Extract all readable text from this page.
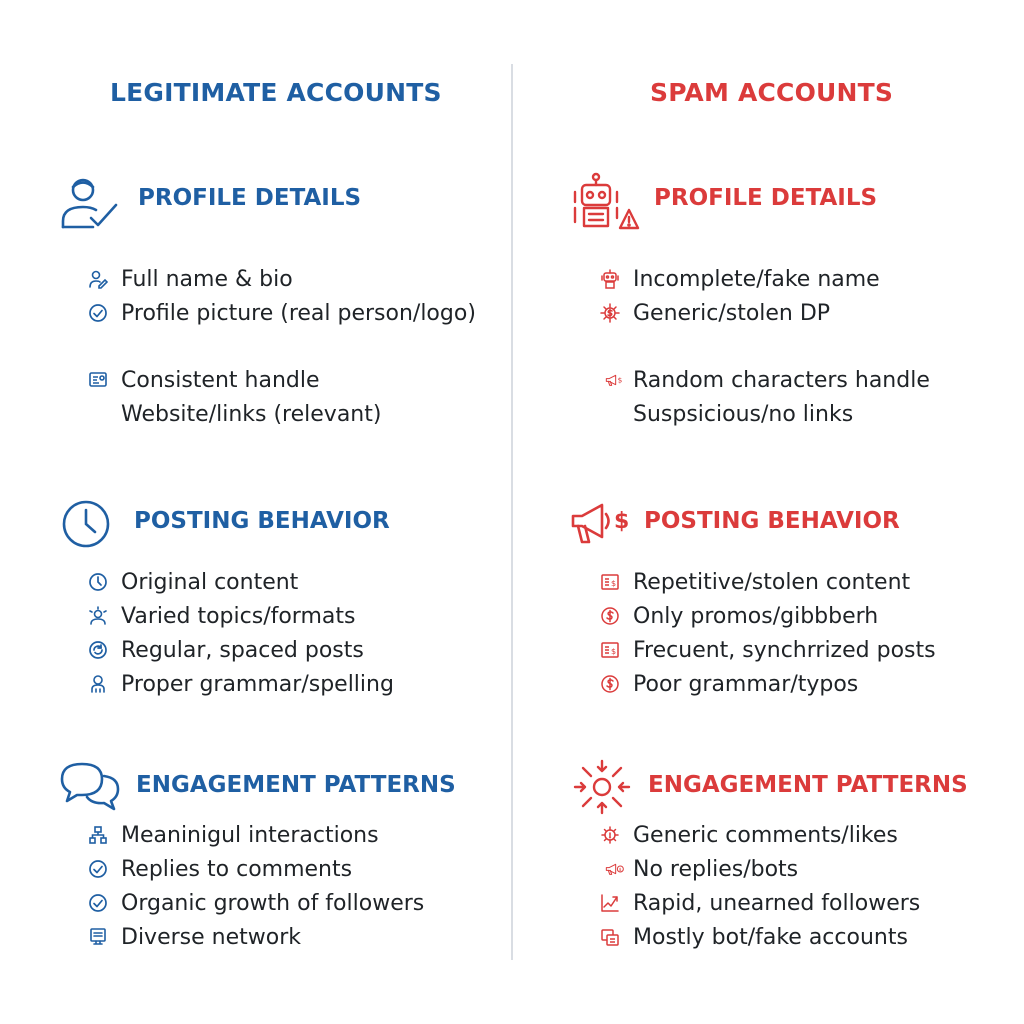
LEGITIMATE ACCOUNTS
PROFILE DETAILS
Full name & bio
Profile picture (real person/logo)
Consistent handle
Website/links (relevant)
POSTING BEHAVIOR
Original content
Varied topics/formats
Regular, spaced posts
Proper grammar/spelling
ENGAGEMENT PATTERNS
Meaninigul interactions
Replies to comments
Organic growth of followers
Diverse network
SPAM ACCOUNTS
PROFILE DETAILS
Incomplete/fake name
Generic/stolen DP
$ Random characters handle
Suspsicious/no links
$ POSTING BEHAVIOR
$ Repetitive/stolen content
Only promos/gibbberh
$ Frecuent, synchrrized posts
Poor grammar/typos
ENGAGEMENT PATTERNS
Generic comments/likes
$ No replies/bots
Rapid, unearned followers
Mostly bot/fake accounts
